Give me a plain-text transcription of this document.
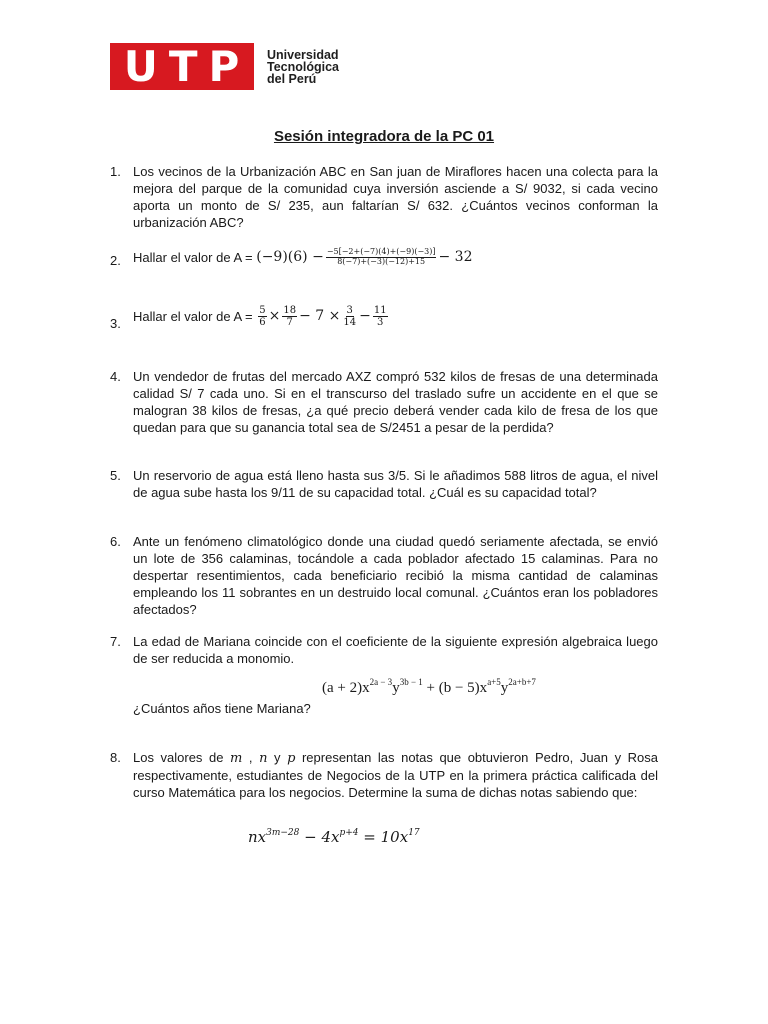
UTP Universidad
Tecnológica
del Perú
Sesión integradora de la PC 01
1. Los vecinos de la Urbanización ABC en San juan de Miraflores hacen una colecta para la mejora del parque de la comunidad cuya inversión asciende a S/ 9032, si cada vecino aporta un monto de S/ 235, aun faltarían S/ 632. ¿Cuántos vecinos conforman la urbanización ABC?
2. Hallar el valor de A =
$(-9)(6) - \frac{-5[-2+(-7)(4)+(-9)(-3)]}{8(-7)+(-3)(-12)+15} - 32$
3. Hallar el valor de A =
$\frac{5}{6} \times \frac{18}{7} - 7 \times \frac{3}{14} - \frac{11}{3}$
4. Un vendedor de frutas del mercado AXZ compró 532 kilos de fresas de una determinada calidad S/ 7 cada uno. Si en el transcurso del traslado sufre un accidente en el que se malogran 38 kilos de fresas, ¿a qué precio deberá vender cada kilo de fresa de los que quedan para que su ganancia total sea de S/2451 a pesar de la perdida?
5. Un reservorio de agua está lleno hasta sus 3/5. Si le añadimos 588 litros de agua, el nivel de agua sube hasta los 9/11 de su capacidad total. ¿Cuál es su capacidad total?
6. Ante un fenómeno climatológico donde una ciudad quedó seriamente afectada, se envió un lote de 356 calaminas, tocándole a cada poblador afectado 15 calaminas. Para no despertar resentimientos, cada beneficiario recibió la misma cantidad de calaminas empleando los 11 sobrantes en un destruido local comunal. ¿Cuántos eran los pobladores afectados?
7. La edad de Mariana coincide con el coeficiente de la siguiente expresión algebraica luego de ser reducida a monomio.
$(a + 2)x^{2a - 3}y^{3b - 1} + (b - 5)x^{a+5}y^{2a+b+7}$
¿Cuántos años tiene Mariana?
8. Los valores de m , n y p representan las notas que obtuvieron Pedro, Juan y Rosa respectivamente, estudiantes de Negocios de la UTP en la primera práctica calificada del curso Matemática para los negocios. Determine la suma de dichas notas sabiendo que:
$nx^{3m-28} - 4x^{p+4} = 10x^{17}$
